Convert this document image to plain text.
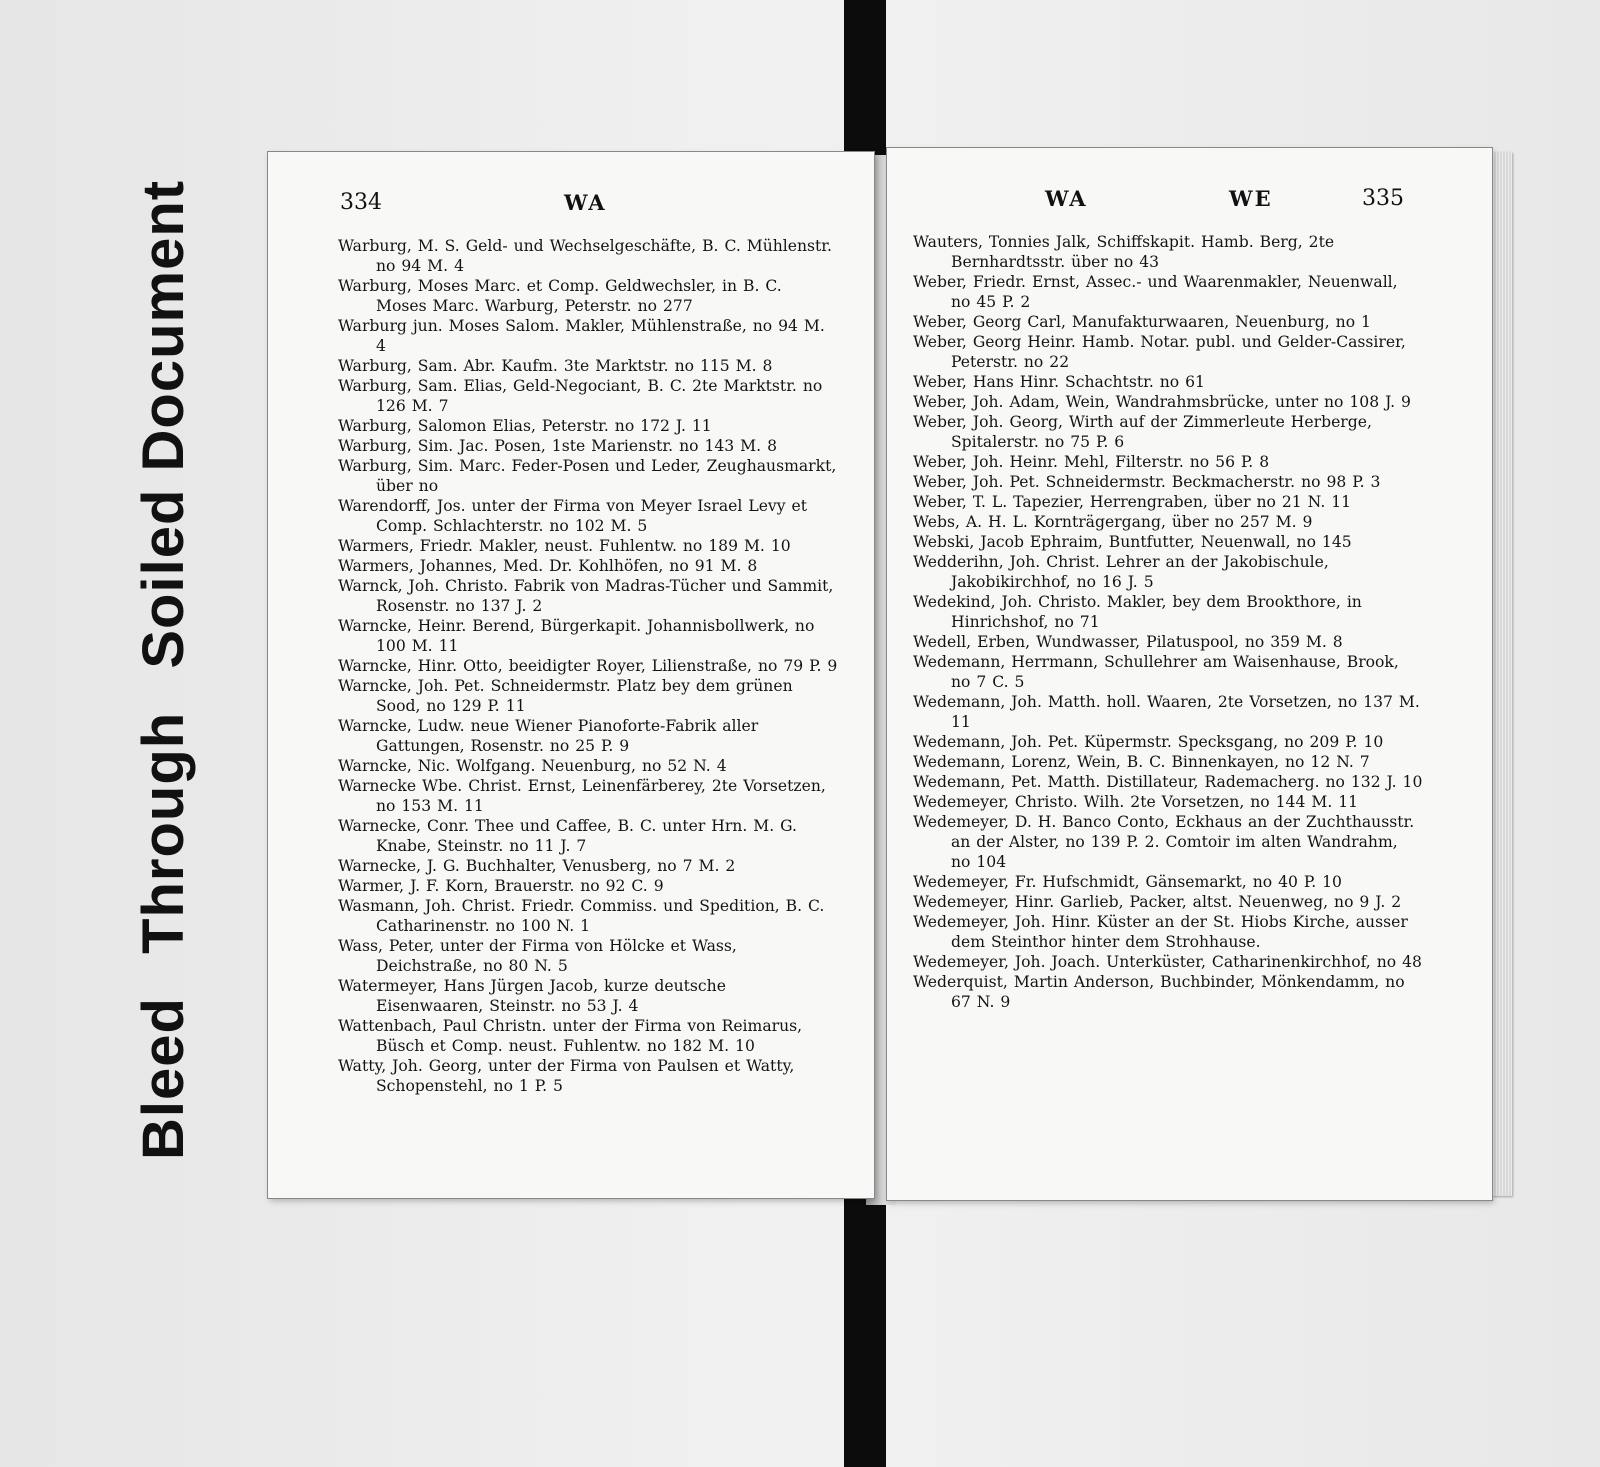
Bleed Through Soiled Document	334	WA
Warburg, M. S. Geld- und Wechselgeschäfte, B. C. Mühlenstr. no 94 M. 4
Warburg, Moses Marc. et Comp. Geldwechsler, in B. C. Moses Marc. Warburg, Peterstr. no 277
Warburg jun. Moses Salom. Makler, Mühlenstraße, no 94 M. 4
Warburg, Sam. Abr. Kaufm. 3te Marktstr. no 115 M. 8
Warburg, Sam. Elias, Geld-Negociant, B. C. 2te Marktstr. no 126 M. 7
Warburg, Salomon Elias, Peterstr. no 172 J. 11
Warburg, Sim. Jac. Posen, 1ste Marienstr. no 143 M. 8
Warburg, Sim. Marc. Feder-Posen und Leder, Zeughausmarkt, über no
Warendorff, Jos. unter der Firma von Meyer Israel Levy et Comp. Schlachterstr. no 102 M. 5
Warmers, Friedr. Makler, neust. Fuhlentw. no 189 M. 10
Warmers, Johannes, Med. Dr. Kohlhöfen, no 91 M. 8
Warnck, Joh. Christo. Fabrik von Madras-Tücher und Sammit, Rosenstr. no 137 J. 2
Warncke, Heinr. Berend, Bürgerkapit. Johannisbollwerk, no 100 M. 11
Warncke, Hinr. Otto, beeidigter Royer, Lilienstraße, no 79 P. 9
Warncke, Joh. Pet. Schneidermstr. Platz bey dem grünen Sood, no 129 P. 11
Warncke, Ludw. neue Wiener Pianoforte-Fabrik aller Gattungen, Rosenstr. no 25 P. 9
Warncke, Nic. Wolfgang. Neuenburg, no 52 N. 4
Warnecke Wbe. Christ. Ernst, Leinenfärberey, 2te Vorsetzen, no 153 M. 11
Warnecke, Conr. Thee und Caffee, B. C. unter Hrn. M. G. Knabe, Steinstr. no 11 J. 7
Warnecke, J. G. Buchhalter, Venusberg, no 7 M. 2
Warmer, J. F. Korn, Brauerstr. no 92 C. 9
Wasmann, Joh. Christ. Friedr. Commiss. und Spedition, B. C. Catharinenstr. no 100 N. 1
Wass, Peter, unter der Firma von Hölcke et Wass, Deichstraße, no 80 N. 5
Watermeyer, Hans Jürgen Jacob, kurze deutsche Eisenwaaren, Steinstr. no 53 J. 4
Wattenbach, Paul Christn. unter der Firma von Reimarus, Büsch et Comp. neust. Fuhlentw. no 182 M. 10
Watty, Joh. Georg, unter der Firma von Paulsen et Watty, Schopenstehl, no 1 P. 5
WA	WE	335
Wauters, Tonnies Jalk, Schiffskapit. Hamb. Berg, 2te Bernhardtsstr. über no 43
Weber, Friedr. Ernst, Assec.- und Waarenmakler, Neuenwall, no 45 P. 2
Weber, Georg Carl, Manufakturwaaren, Neuenburg, no 1
Weber, Georg Heinr. Hamb. Notar. publ. und Gelder-Cassirer, Peterstr. no 22
Weber, Hans Hinr. Schachtstr. no 61
Weber, Joh. Adam, Wein, Wandrahmsbrücke, unter no 108 J. 9
Weber, Joh. Georg, Wirth auf der Zimmerleute Herberge, Spitalerstr. no 75 P. 6
Weber, Joh. Heinr. Mehl, Filterstr. no 56 P. 8
Weber, Joh. Pet. Schneidermstr. Beckmacherstr. no 98 P. 3
Weber, T. L. Tapezier, Herrengraben, über no 21 N. 11
Webs, A. H. L. Kornträgergang, über no 257 M. 9
Webski, Jacob Ephraim, Buntfutter, Neuenwall, no 145
Wedderihn, Joh. Christ. Lehrer an der Jakobischule, Jakobikirchhof, no 16 J. 5
Wedekind, Joh. Christo. Makler, bey dem Brookthore, in Hinrichshof, no 71
Wedell, Erben, Wundwasser, Pilatuspool, no 359 M. 8
Wedemann, Herrmann, Schullehrer am Waisenhause, Brook, no 7 C. 5
Wedemann, Joh. Matth. holl. Waaren, 2te Vorsetzen, no 137 M. 11
Wedemann, Joh. Pet. Küpermstr. Specksgang, no 209 P. 10
Wedemann, Lorenz, Wein, B. C. Binnenkayen, no 12 N. 7
Wedemann, Pet. Matth. Distillateur, Rademacherg. no 132 J. 10
Wedemeyer, Christo. Wilh. 2te Vorsetzen, no 144 M. 11
Wedemeyer, D. H. Banco Conto, Eckhaus an der Zuchthausstr. an der Alster, no 139 P. 2. Comtoir im alten Wandrahm, no 104
Wedemeyer, Fr. Hufschmidt, Gänsemarkt, no 40 P. 10
Wedemeyer, Hinr. Garlieb, Packer, altst. Neuenweg, no 9 J. 2
Wedemeyer, Joh. Hinr. Küster an der St. Hiobs Kirche, ausser dem Steinthor hinter dem Strohhause.
Wedemeyer, Joh. Joach. Unterküster, Catharinenkirchhof, no 48
Wederquist, Martin Anderson, Buchbinder, Mönkendamm, no 67 N. 9
